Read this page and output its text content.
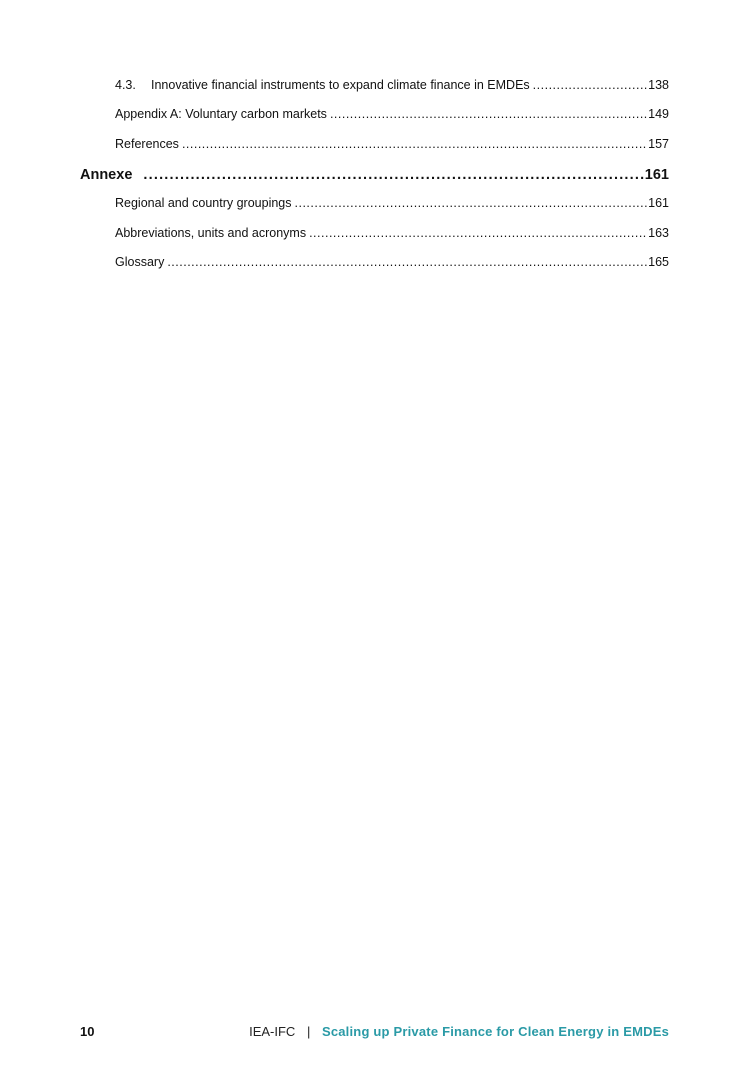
4.3.	Innovative financial instruments to expand climate finance in EMDEs .....	138
Appendix A: Voluntary carbon markets .....	149
References .....	157
Annexe .....	161
Regional and country groupings .....	161
Abbreviations, units and acronyms .....	163
Glossary .....	165
10	IEA-IFC | Scaling up Private Finance for Clean Energy in EMDEs
